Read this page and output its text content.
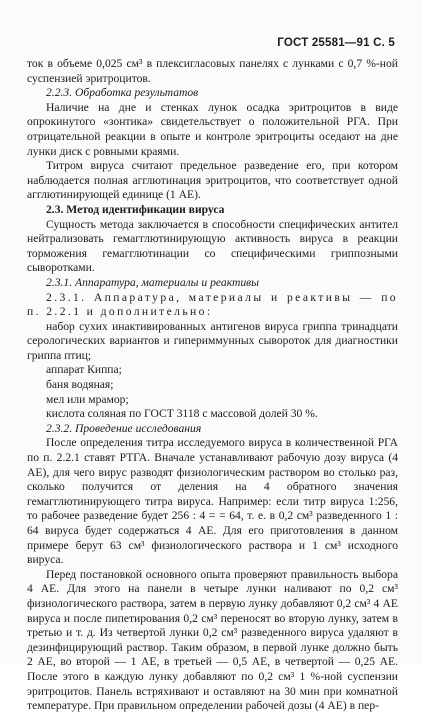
ГОСТ 25581—91 С. 5

ток в объеме 0,025 см³ в плексигласовых панелях с лунками с 0,7 %-ной суспензией эритроцитов.

2.2.3. Обработка результатов

Наличие на дне и стенках лунок осадка эритроцитов в виде опрокинутого «зонтика» свидетельствует о положительной РГА. При отрицательной реакции в опыте и контроле эритроциты оседают на дне лунки диск с ровными краями.

Титром вируса считают предельное разведение его, при котором наблюдается полная агглютинация эритроцитов, что соответствует одной агглютинирующей единице (1 АЕ).

2.3. Метод идентификации вируса

Сущность метода заключается в способности специфических антител нейтрализовать гемагглютинирующую активность вируса в реакции торможения гемагглютинации со специфическими гриппозными сыворотками.

2.3.1. Аппаратура, материалы и реактивы

2.3.1. Аппаратура, материалы и реактивы — по п. 2.2.1 и дополнительно:

набор сухих инактивированных антигенов вируса гриппа тринадцати серологических вариантов и гипериммунных сывороток для диагностики гриппа птиц;

аппарат Киппа;

баня водяная;

мел или мрамор;

кислота соляная по ГОСТ 3118 с массовой долей 30 %.

2.3.2. Проведение исследования

После определения титра исследуемого вируса в количественной РГА по п. 2.2.1 ставят РТГА. Вначале устанавливают рабочую дозу вируса (4 АЕ), для чего вирус разводят физиологическим раствором во столько раз, сколько получится от деления на 4 обратного значения гемагглютинирующего титра вируса. Например: если титр вируса 1:256, то рабочее разведение будет 256 : 4 = = 64, т. е. в 0,2 см³ разведенного 1 : 64 вируса будет содержаться 4 АЕ. Для его приготовления в данном примере берут 63 см³ физиологического раствора и 1 см³ исходного вируса.

Перед постановкой основного опыта проверяют правильность выбора 4 АЕ. Для этого на панели в четыре лунки наливают по 0,2 см³ физиологического раствора, затем в первую лунку добавляют 0,2 см³ 4 АЕ вируса и после пипетирования 0,2 см³ переносят во вторую лунку, затем в третью и т. д. Из четвертой лунки 0,2 см³ разведенного вируса удаляют в дезинфицирующий раствор. Таким образом, в первой лунке должно быть 2 АЕ, во второй — 1 АЕ, в третьей — 0,5 АЕ, в четвертой — 0,25 АЕ. После этого в каждую лунку добавляют по 0,2 см³ 1 %-ной суспензии эритроцитов. Панель встряхивают и оставляют на 30 мин при комнатной температуре. При правильном определении рабочей дозы (4 АЕ) в пер-
